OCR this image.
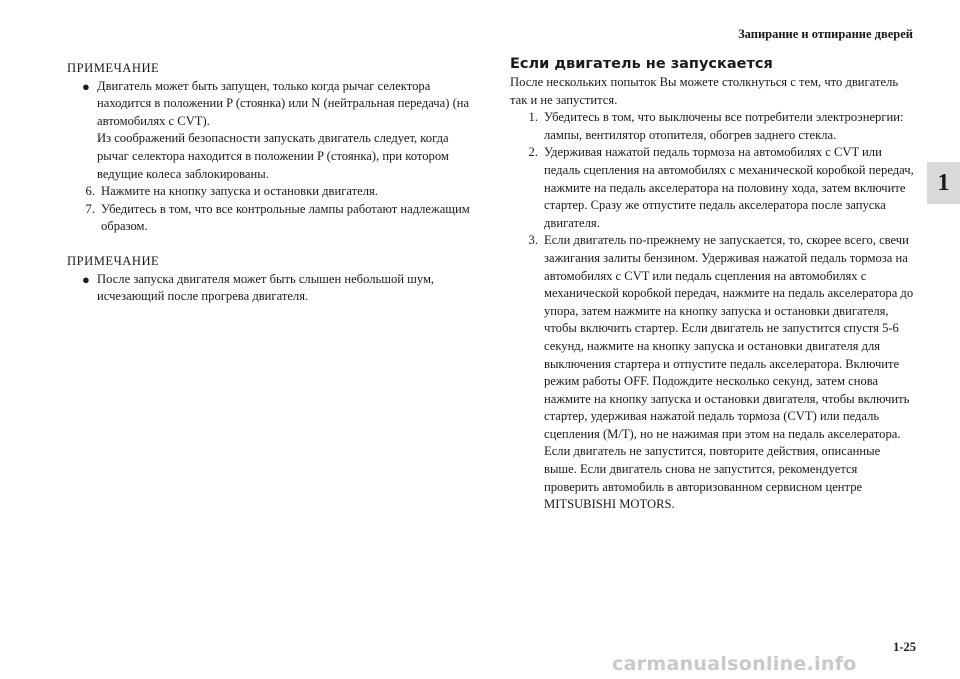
Запирание и отпирание дверей
1
ПРИМЕЧАНИЕ
● Двигатель может быть запущен, только когда рычаг селектора находится в положении P (стоянка) или N (нейтральная передача) (на автомобилях с CVT).
Из соображений безопасности запускать двигатель следует, когда рычаг селектора находится в положении P (стоянка), при котором ведущие колеса заблокированы.
6. Нажмите на кнопку запуска и остановки двигателя.
7. Убедитесь в том, что все контрольные лампы работают надлежащим образом.
ПРИМЕЧАНИЕ
● После запуска двигателя может быть слышен небольшой шум, исчезающий после прогрева двигателя.
Если двигатель не запускается
После нескольких попыток Вы можете столкнуться с тем, что двигатель так и не запустится.
1. Убедитесь в том, что выключены все потребители электроэнергии: лампы, вентилятор отопителя, обогрев заднего стекла.
2. Удерживая нажатой педаль тормоза на автомобилях с CVT или педаль сцепления на автомобилях с механической коробкой передач, нажмите на педаль акселератора на половину хода, затем включите стартер. Сразу же отпустите педаль акселератора после запуска двигателя.
3. Если двигатель по-прежнему не запускается, то, скорее всего, свечи зажигания залиты бензином. Удерживая нажатой педаль тормоза на автомобилях с CVT или педаль сцепления на автомобилях с механической коробкой передач, нажмите на педаль акселератора до упора, затем нажмите на кнопку запуска и остановки двигателя, чтобы включить стартер. Если двигатель не запустится спустя 5-6 секунд, нажмите на кнопку запуска и остановки двигателя для выключения стартера и отпустите педаль акселератора. Включите режим работы OFF. Подождите несколько секунд, затем снова нажмите на кнопку запуска и остановки двигателя, чтобы включить стартер, удерживая нажатой педаль тормоза (CVT) или педаль сцепления (M/T), но не нажимая при этом на педаль акселератора. Если двигатель не запустится, повторите действия, описанные выше. Если двигатель снова не запустится, рекомендуется проверить автомобиль в авторизованном сервисном центре MITSUBISHI MOTORS.
1-25
carmanualsonline.info
